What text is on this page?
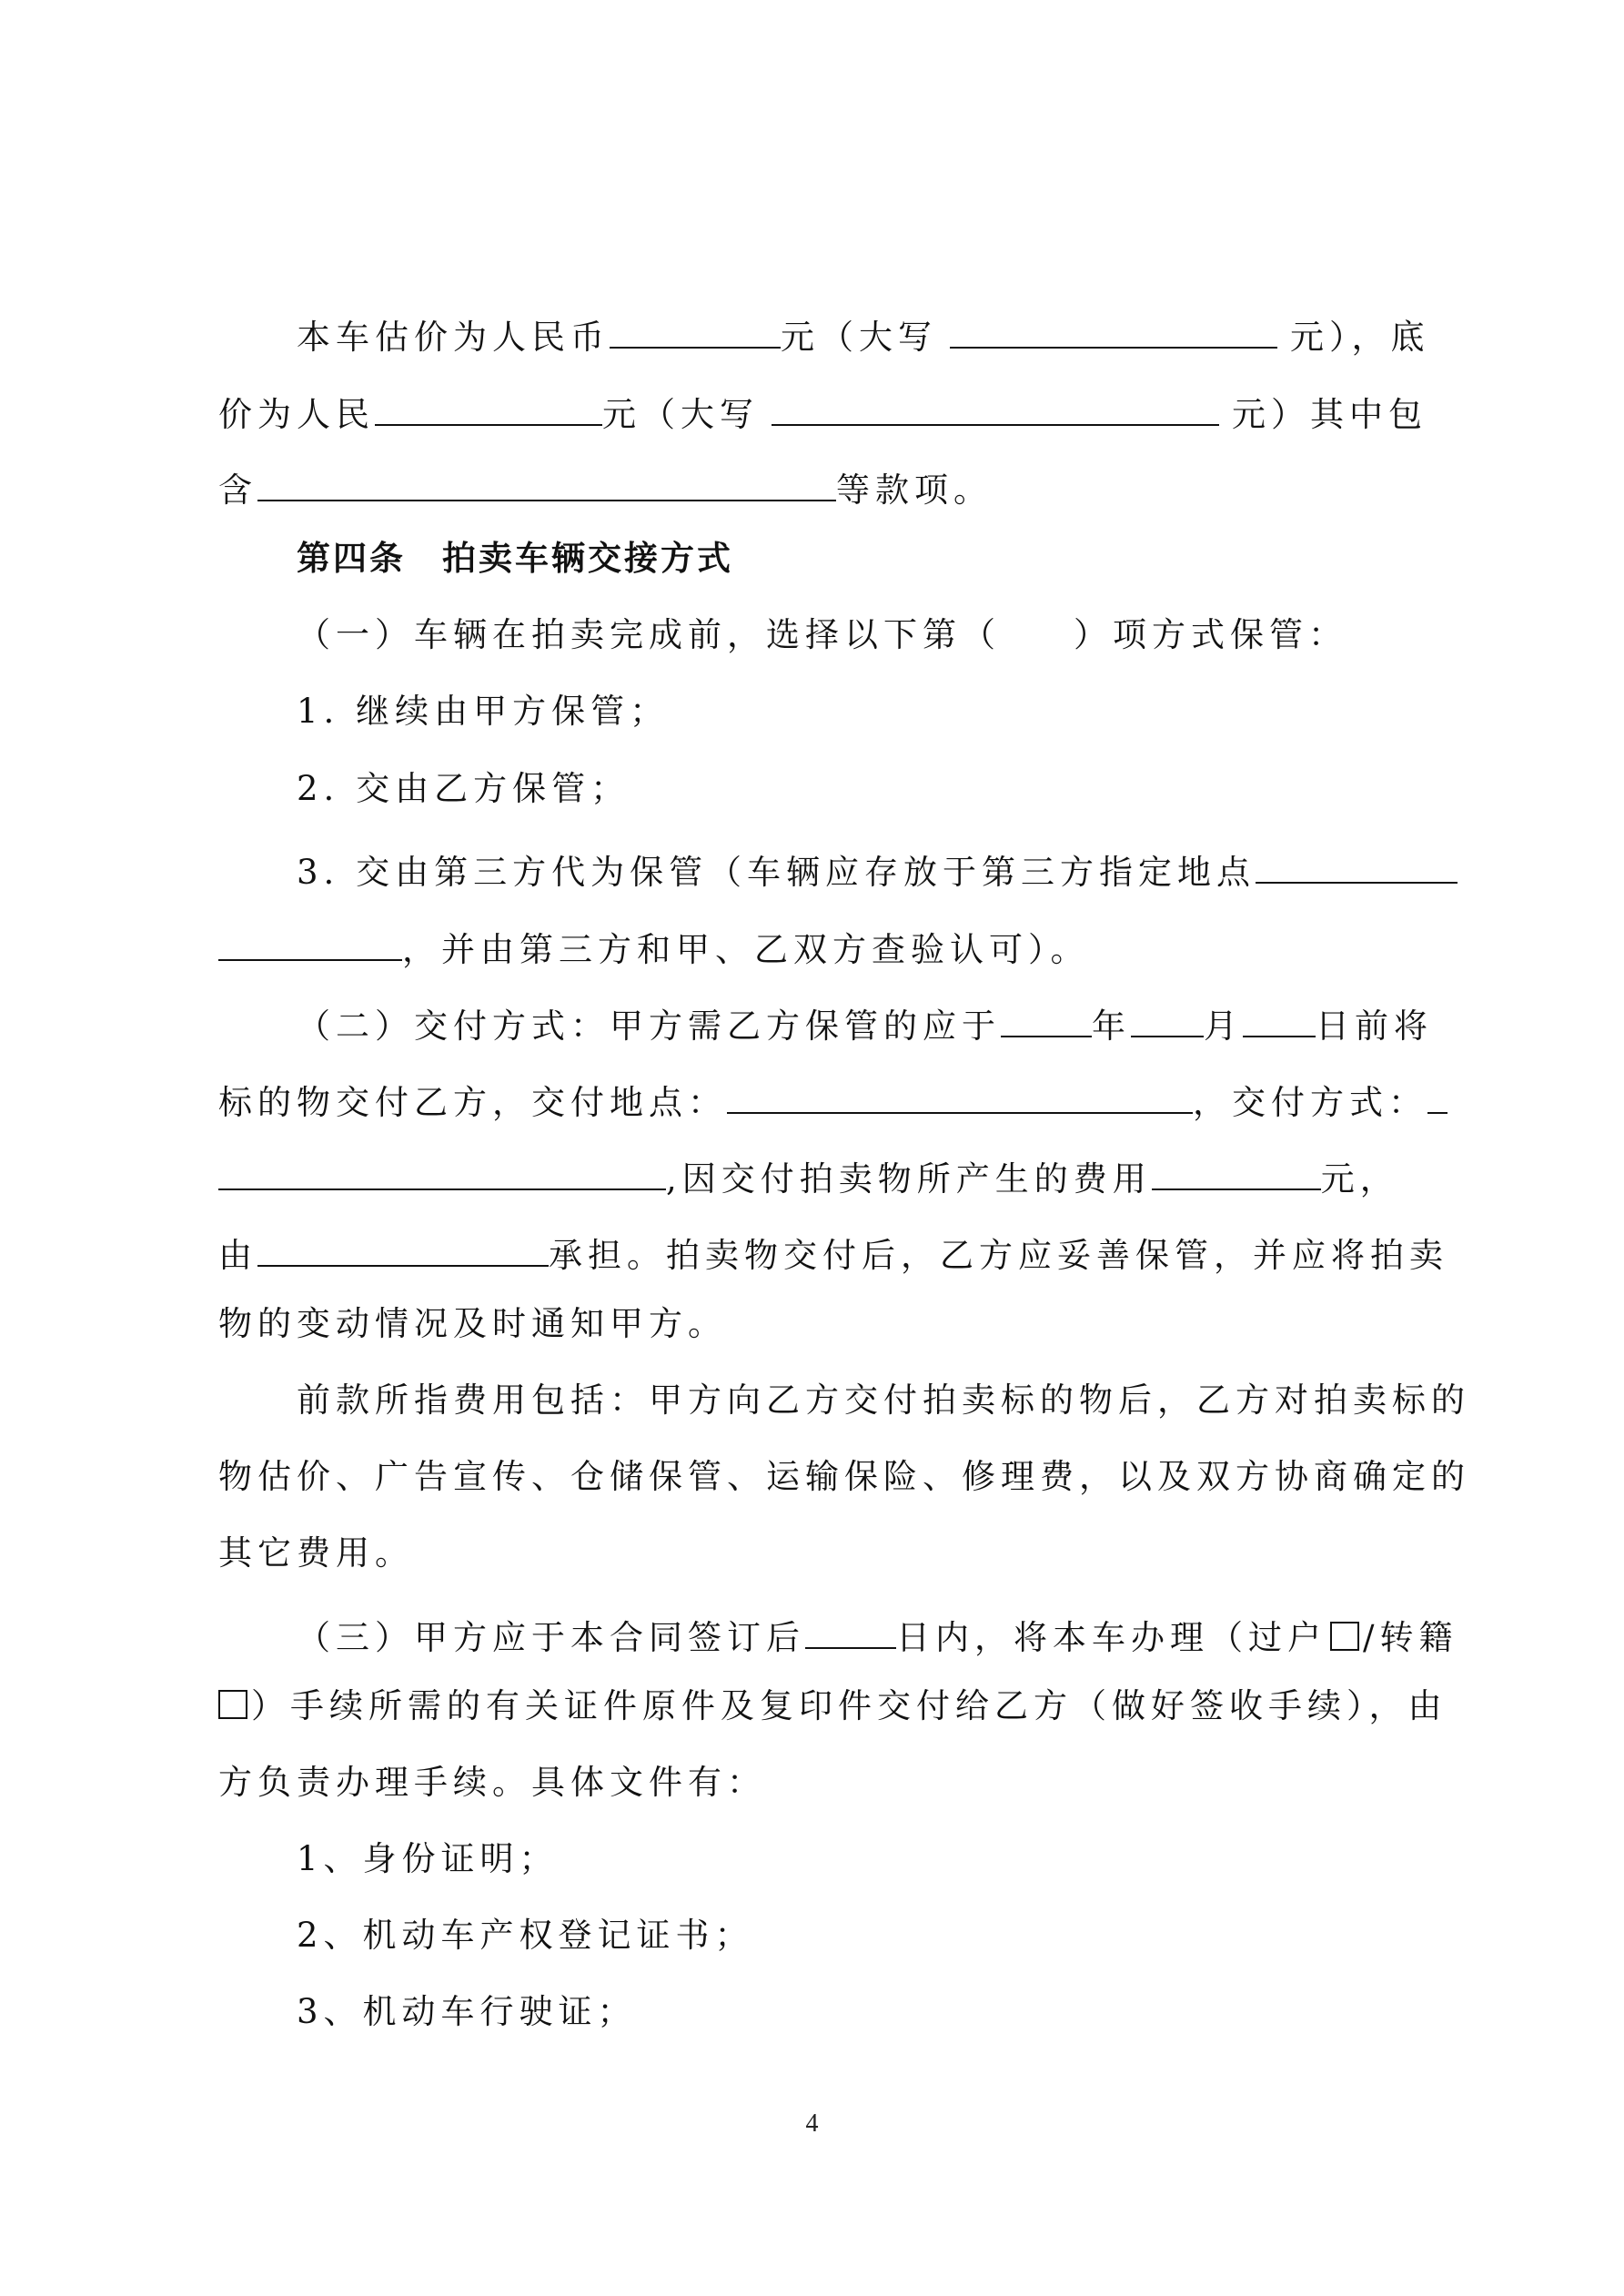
本车估价为人民币	元（大写	元），底
价为人民	元（大写	元）其中包
含	等款项。
第四条　拍卖车辆交接方式
（一）车辆在拍卖完成前，选择以下第（ ）项方式保管：
1. 继续由甲方保管；
2. 交由乙方保管；
3. 交由第三方代为保管（车辆应存放于第三方指定地点
，并由第三方和甲、乙双方查验认可）。
（二）交付方式：甲方需乙方保管的应于	年 月 日前将
标的物交付乙方，交付地点：	，交付方式：
,因交付拍卖物所产生的费用	元，
由	承担。拍卖物交付后，乙方应妥善保管，并应将拍卖
物的变动情况及时通知甲方。
前款所指费用包括：甲方向乙方交付拍卖标的物后，乙方对拍卖标的
物估价、广告宣传、仓储保管、运输保险、修理费，以及双方协商确定的
其它费用。
（三）甲方应于本合同签订后	日内，将本车办理（过户 /转籍
）手续所需的有关证件原件及复印件交付给乙方（做好签收手续），由
方负责办理手续。具体文件有：
1、身份证明；
2、机动车产权登记证书；
3、机动车行驶证；
4
